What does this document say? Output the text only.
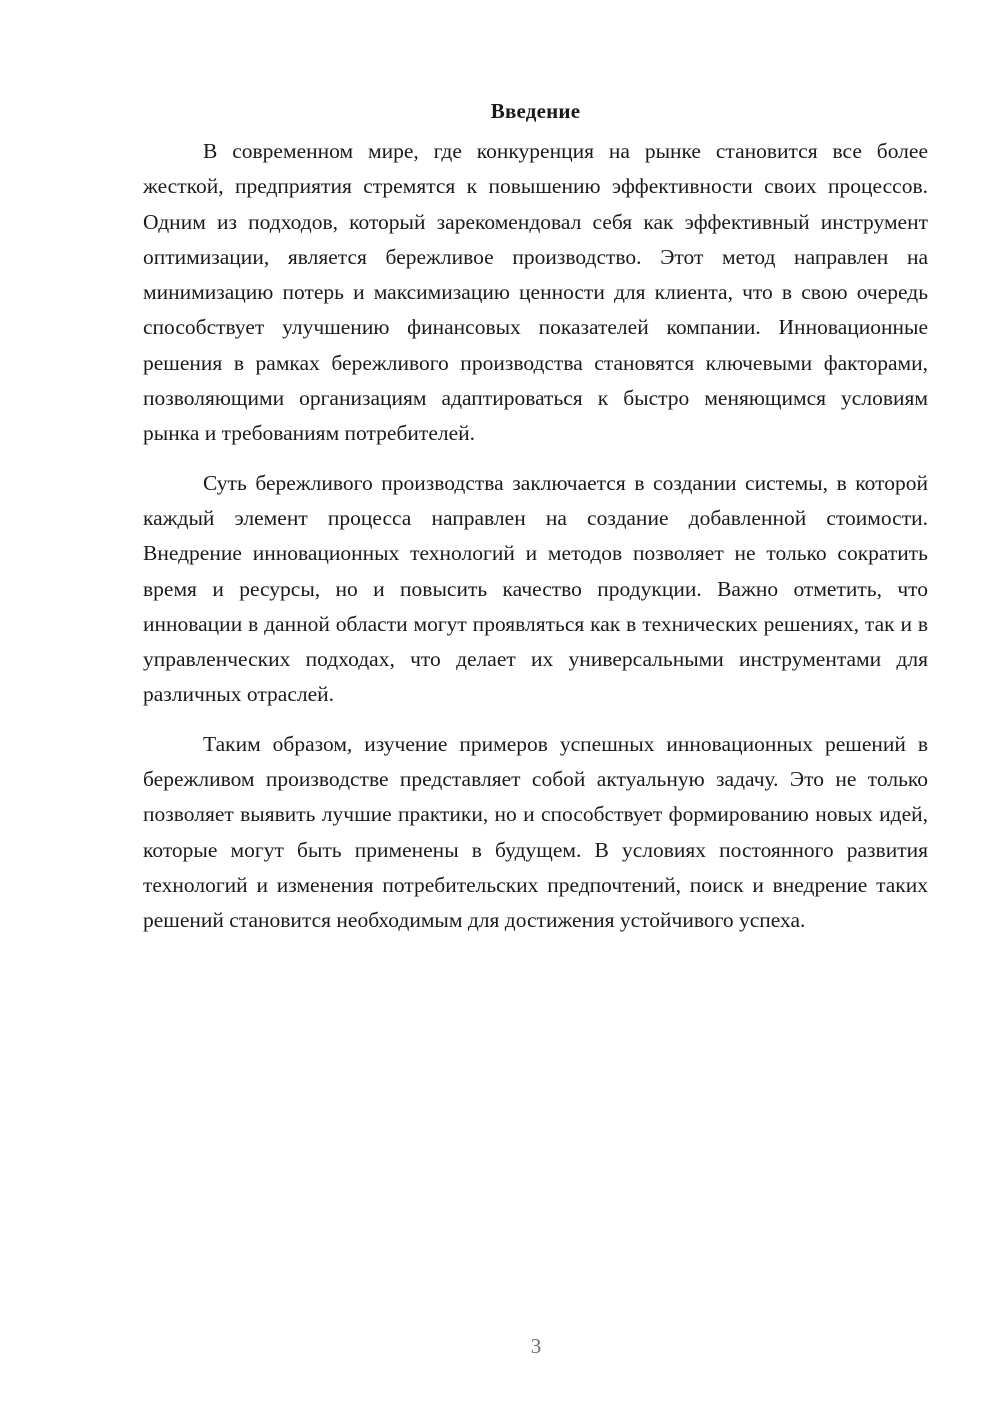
Введение

В современном мире, где конкуренция на рынке становится все более жесткой, предприятия стремятся к повышению эффективности своих процессов. Одним из подходов, который зарекомендовал себя как эффективный инструмент оптимизации, является бережливое производство. Этот метод направлен на минимизацию потерь и максимизацию ценности для клиента, что в свою очередь способствует улучшению финансовых показателей компании. Инновационные решения в рамках бережливого производства становятся ключевыми факторами, позволяющими организациям адаптироваться к быстро меняющимся условиям рынка и требованиям потребителей.

Суть бережливого производства заключается в создании системы, в которой каждый элемент процесса направлен на создание добавленной стоимости. Внедрение инновационных технологий и методов позволяет не только сократить время и ресурсы, но и повысить качество продукции. Важно отметить, что инновации в данной области могут проявляться как в технических решениях, так и в управленческих подходах, что делает их универсальными инструментами для различных отраслей.

Таким образом, изучение примеров успешных инновационных решений в бережливом производстве представляет собой актуальную задачу. Это не только позволяет выявить лучшие практики, но и способствует формированию новых идей, которые могут быть применены в будущем. В условиях постоянного развития технологий и изменения потребительских предпочтений, поиск и внедрение таких решений становится необходимым для достижения устойчивого успеха.

3
